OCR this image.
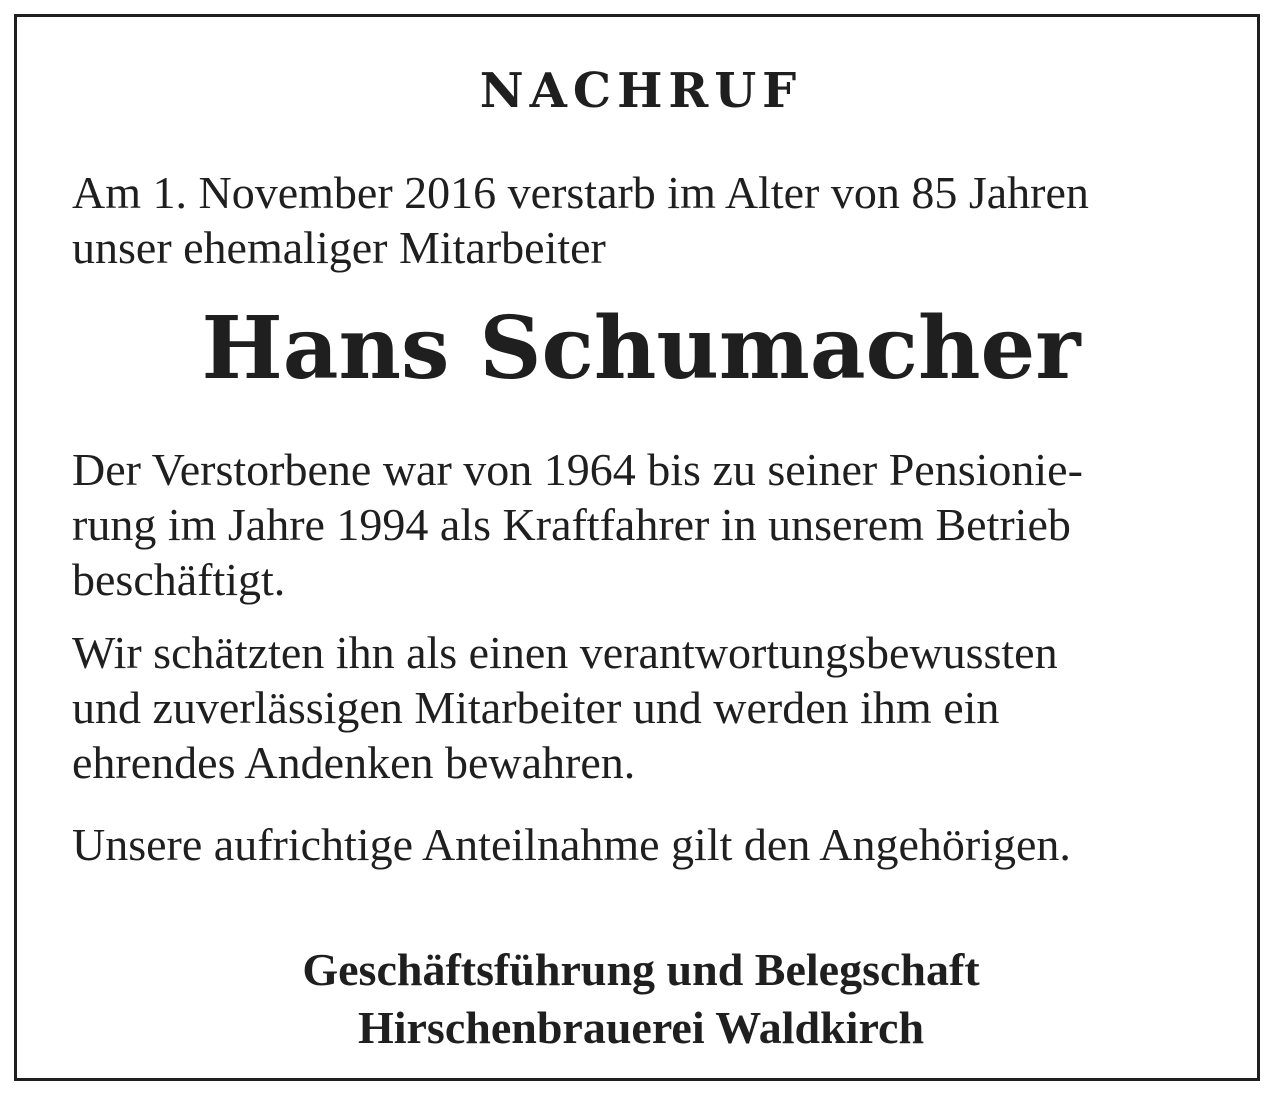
NACHRUF

Am 1. November 2016 verstarb im Alter von 85 Jahren
unser ehemaliger Mitarbeiter

Hans Schumacher

Der Verstorbene war von 1964 bis zu seiner Pensionie-
rung im Jahre 1994 als Kraftfahrer in unserem Betrieb
beschäftigt.

Wir schätzten ihn als einen verantwortungsbewussten
und zuverlässigen Mitarbeiter und werden ihm ein
ehrendes Andenken bewahren.

Unsere aufrichtige Anteilnahme gilt den Angehörigen.

Geschäftsführung und Belegschaft
Hirschenbrauerei Waldkirch
